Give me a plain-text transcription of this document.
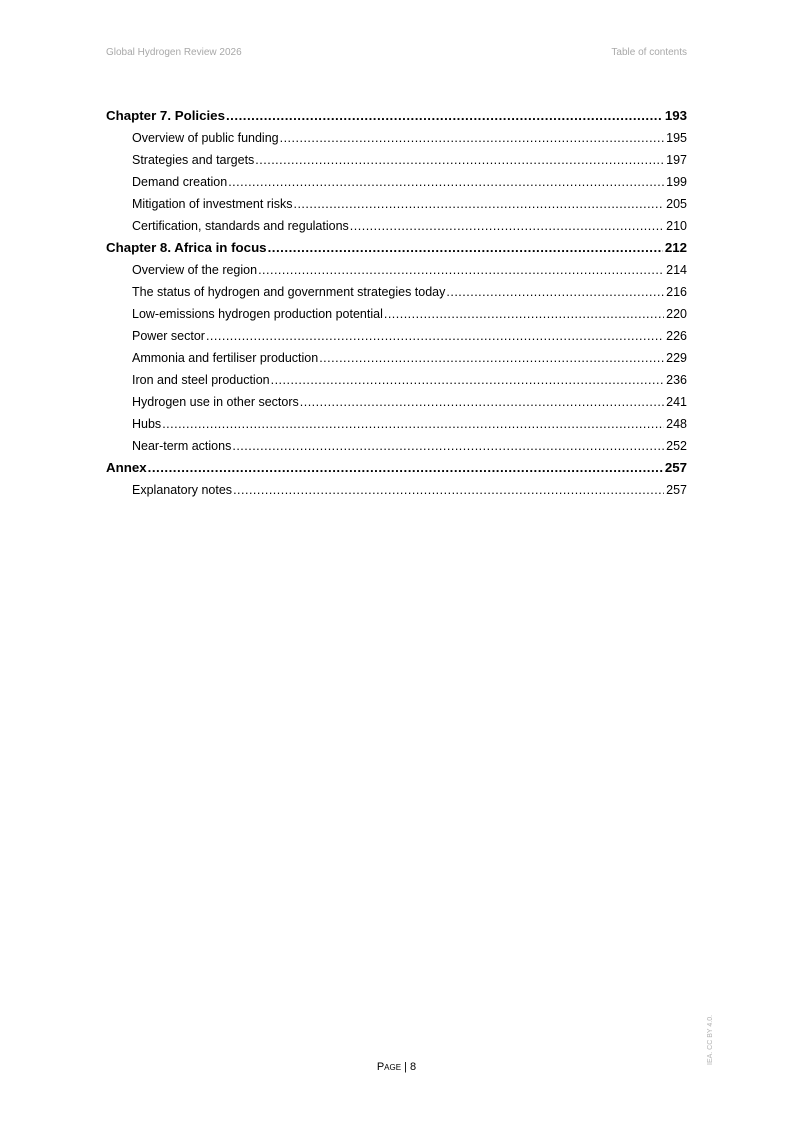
Global Hydrogen Review 2026	Table of contents
Chapter 7. Policies .....	193
Overview of public funding .....	195
Strategies and targets .....	197
Demand creation .....	199
Mitigation of investment risks .....	205
Certification, standards and regulations .....	210
Chapter 8. Africa in focus .....	212
Overview of the region .....	214
The status of hydrogen and government strategies today .....	216
Low-emissions hydrogen production potential .....	220
Power sector .....	226
Ammonia and fertiliser production .....	229
Iron and steel production .....	236
Hydrogen use in other sectors .....	241
Hubs .....	248
Near-term actions .....	252
Annex .....	257
Explanatory notes .....	257
Page | 8
IEA. CC BY 4.0.
